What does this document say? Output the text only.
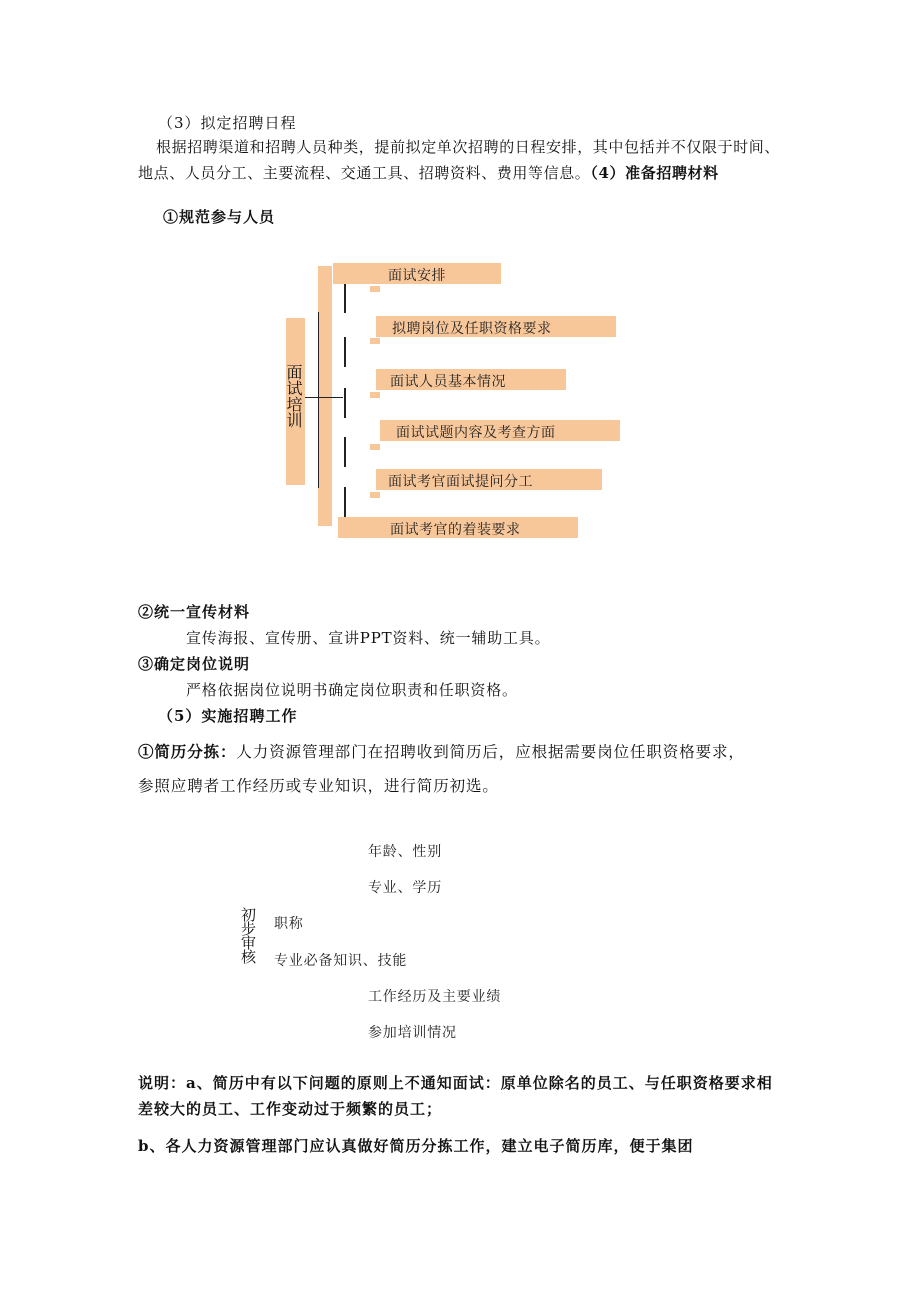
（3）拟定招聘日程
根据招聘渠道和招聘人员种类，提前拟定单次招聘的日程安排，其中包括并不仅限于时间、地点、人员分工、主要流程、交通工具、招聘资料、费用等信息。（4）准备招聘材料
①规范参与人员
面试培训
面试安排
拟聘岗位及任职资格要求
面试人员基本情况
面试试题内容及考查方面
面试考官面试提问分工
面试考官的着装要求
②统一宣传材料
宣传海报、宣传册、宣讲PPT资料、统一辅助工具。
③确定岗位说明
严格依据岗位说明书确定岗位职责和任职资格。
（5）实施招聘工作
①简历分拣：人力资源管理部门在招聘收到简历后，应根据需要岗位任职资格要求，
参照应聘者工作经历或专业知识，进行简历初选。
初步审核
年龄、性别
专业、学历
职称
专业必备知识、技能
工作经历及主要业绩
参加培训情况
说明：a、简历中有以下问题的原则上不通知面试：原单位除名的员工、与任职资格要求相差较大的员工、工作变动过于频繁的员工；
b、各人力资源管理部门应认真做好简历分拣工作，建立电子简历库，便于集团
